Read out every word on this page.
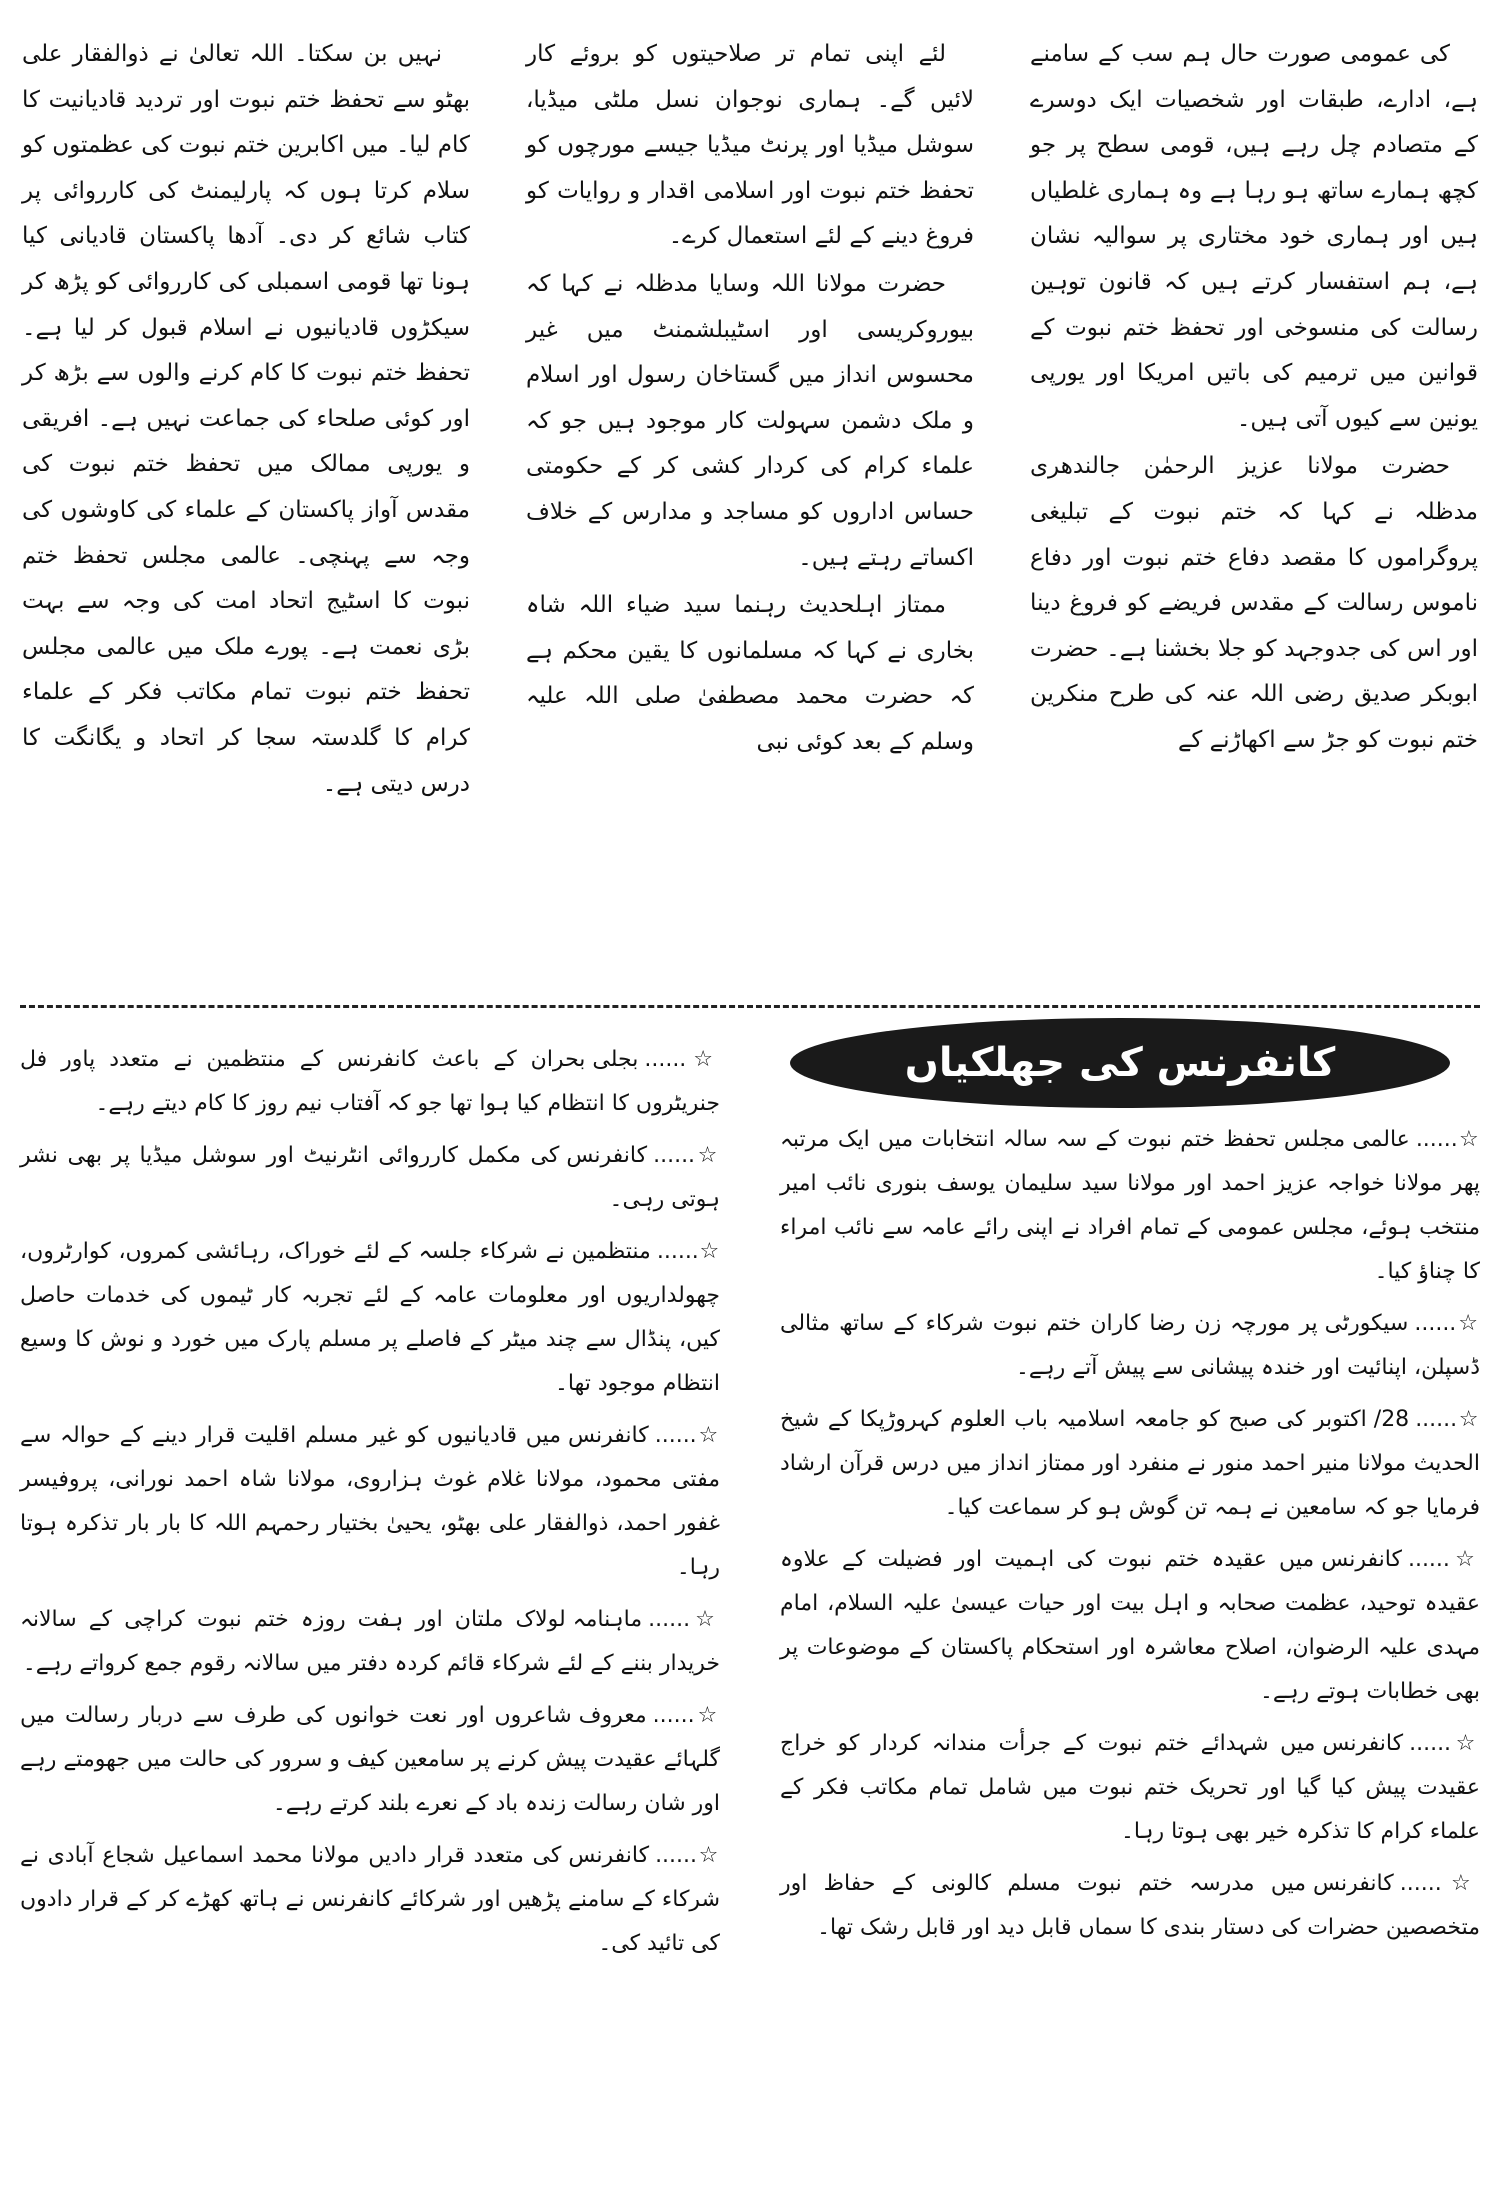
کی عمومی صورت حال ہم سب کے سامنے ہے، ادارے، طبقات اور شخصیات ایک دوسرے کے متصادم چل رہے ہیں، قومی سطح پر جو کچھ ہمارے ساتھ ہو رہا ہے وہ ہماری غلطیاں ہیں اور ہماری خود مختاری پر سوالیہ نشان ہے، ہم استفسار کرتے ہیں کہ قانون توہین رسالت کی منسوخی اور تحفظ ختم نبوت کے قوانین میں ترمیم کی باتیں امریکا اور یورپی یونین سے کیوں آتی ہیں۔

حضرت مولانا عزیز الرحمٰن جالندھری مدظلہ نے کہا کہ ختم نبوت کے تبلیغی پروگراموں کا مقصد دفاع ختم نبوت اور دفاع ناموس رسالت کے مقدس فریضے کو فروغ دینا اور اس کی جدوجہد کو جلا بخشنا ہے۔ حضرت ابوبکر صدیق رضی اللہ عنہ کی طرح منکرین ختم نبوت کو جڑ سے اکھاڑنے کے

لئے اپنی تمام تر صلاحیتوں کو بروئے کار لائیں گے۔ ہماری نوجوان نسل ملٹی میڈیا، سوشل میڈیا اور پرنٹ میڈیا جیسے مورچوں کو تحفظ ختم نبوت اور اسلامی اقدار و روایات کو فروغ دینے کے لئے استعمال کرے۔

حضرت مولانا اللہ وسایا مدظلہ نے کہا کہ بیوروکریسی اور اسٹیبلشمنٹ میں غیر محسوس انداز میں گستاخان رسول اور اسلام و ملک دشمن سہولت کار موجود ہیں جو کہ علماء کرام کی کردار کشی کر کے حکومتی حساس اداروں کو مساجد و مدارس کے خلاف اکساتے رہتے ہیں۔

ممتاز اہلحدیث رہنما سید ضیاء اللہ شاہ بخاری نے کہا کہ مسلمانوں کا یقین محکم ہے کہ حضرت محمد مصطفیٰ صلی اللہ علیہ وسلم کے بعد کوئی نبی

نہیں بن سکتا۔ اللہ تعالیٰ نے ذوالفقار علی بھٹو سے تحفظ ختم نبوت اور تردید قادیانیت کا کام لیا۔ میں اکابرین ختم نبوت کی عظمتوں کو سلام کرتا ہوں کہ پارلیمنٹ کی کارروائی پر کتاب شائع کر دی۔ آدھا پاکستان قادیانی کیا ہونا تھا قومی اسمبلی کی کارروائی کو پڑھ کر سیکڑوں قادیانیوں نے اسلام قبول کر لیا ہے۔ تحفظ ختم نبوت کا کام کرنے والوں سے بڑھ کر اور کوئی صلحاء کی جماعت نہیں ہے۔ افریقی و یورپی ممالک میں تحفظ ختم نبوت کی مقدس آواز پاکستان کے علماء کی کاوشوں کی وجہ سے پہنچی۔ عالمی مجلس تحفظ ختم نبوت کا اسٹیج اتحاد امت کی وجہ سے بہت بڑی نعمت ہے۔ پورے ملک میں عالمی مجلس تحفظ ختم نبوت تمام مکاتب فکر کے علماء کرام کا گلدستہ سجا کر اتحاد و یگانگت کا درس دیتی ہے۔

کانفرنس کی جھلکیاں

☆......عالمی مجلس تحفظ ختم نبوت کے سہ سالہ انتخابات میں ایک مرتبہ پھر مولانا خواجہ عزیز احمد اور مولانا سید سلیمان یوسف بنوری نائب امیر منتخب ہوئے، مجلس عمومی کے تمام افراد نے اپنی رائے عامہ سے نائب امراء کا چناؤ کیا۔

☆......سیکورٹی پر مورچہ زن رضا کاران ختم نبوت شرکاء کے ساتھ مثالی ڈسپلن، اپنائیت اور خندہ پیشانی سے پیش آتے رہے۔

☆......28/ اکتوبر کی صبح کو جامعہ اسلامیہ باب العلوم کہروڑپکا کے شیخ الحدیث مولانا منیر احمد منور نے منفرد اور ممتاز انداز میں درس قرآن ارشاد فرمایا جو کہ سامعین نے ہمہ تن گوش ہو کر سماعت کیا۔

☆......کانفرنس میں عقیدہ ختم نبوت کی اہمیت اور فضیلت کے علاوہ عقیدہ توحید، عظمت صحابہ و اہل بیت اور حیات عیسیٰ علیہ السلام، امام مہدی علیہ الرضوان، اصلاح معاشرہ اور استحکام پاکستان کے موضوعات پر بھی خطابات ہوتے رہے۔

☆......کانفرنس میں شہدائے ختم نبوت کے جرأت مندانہ کردار کو خراج عقیدت پیش کیا گیا اور تحریک ختم نبوت میں شامل تمام مکاتب فکر کے علماء کرام کا تذکرہ خیر بھی ہوتا رہا۔

☆......کانفرنس میں مدرسہ ختم نبوت مسلم کالونی کے حفاظ اور متخصصین حضرات کی دستار بندی کا سماں قابل دید اور قابل رشک تھا۔

☆......بجلی بحران کے باعث کانفرنس کے منتظمین نے متعدد پاور فل جنریٹروں کا انتظام کیا ہوا تھا جو کہ آفتاب نیم روز کا کام دیتے رہے۔

☆......کانفرنس کی مکمل کارروائی انٹرنیٹ اور سوشل میڈیا پر بھی نشر ہوتی رہی۔

☆......منتظمین نے شرکاء جلسہ کے لئے خوراک، رہائشی کمروں، کوارٹروں، چھولداریوں اور معلومات عامہ کے لئے تجربہ کار ٹیموں کی خدمات حاصل کیں، پنڈال سے چند میٹر کے فاصلے پر مسلم پارک میں خورد و نوش کا وسیع انتظام موجود تھا۔

☆......کانفرنس میں قادیانیوں کو غیر مسلم اقلیت قرار دینے کے حوالہ سے مفتی محمود، مولانا غلام غوث ہزاروی، مولانا شاہ احمد نورانی، پروفیسر غفور احمد، ذوالفقار علی بھٹو، یحییٰ بختیار رحمہم اللہ کا بار بار تذکرہ ہوتا رہا۔

☆......ماہنامہ لولاک ملتان اور ہفت روزہ ختم نبوت کراچی کے سالانہ خریدار بننے کے لئے شرکاء قائم کردہ دفتر میں سالانہ رقوم جمع کرواتے رہے۔

☆......معروف شاعروں اور نعت خوانوں کی طرف سے دربار رسالت میں گلہائے عقیدت پیش کرنے پر سامعین کیف و سرور کی حالت میں جھومتے رہے اور شان رسالت زندہ باد کے نعرے بلند کرتے رہے۔

☆......کانفرنس کی متعدد قرار دادیں مولانا محمد اسماعیل شجاع آبادی نے شرکاء کے سامنے پڑھیں اور شرکائے کانفرنس نے ہاتھ کھڑے کر کے قرار دادوں کی تائید کی۔
